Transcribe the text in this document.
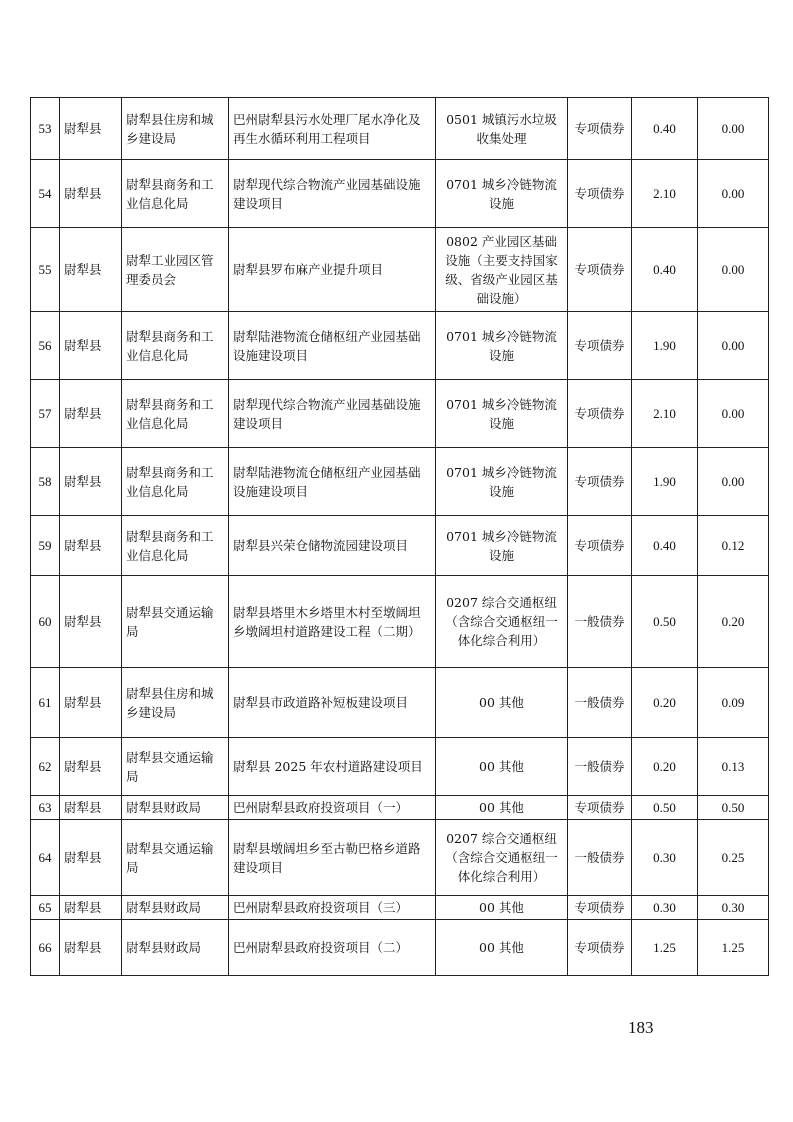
53	尉犁县	尉犁县住房和城乡建设局	巴州尉犁县污水处理厂尾水净化及再生水循环利用工程项目	0501 城镇污水垃圾收集处理	专项债券	0.40	0.00
54	尉犁县	尉犁县商务和工业信息化局	尉犁现代综合物流产业园基础设施建设项目	0701 城乡冷链物流设施	专项债券	2.10	0.00
55	尉犁县	尉犁工业园区管理委员会	尉犁县罗布麻产业提升项目	0802 产业园区基础设施（主要支持国家级、省级产业园区基础设施）	专项债券	0.40	0.00
56	尉犁县	尉犁县商务和工业信息化局	尉犁陆港物流仓储枢纽产业园基础设施建设项目	0701 城乡冷链物流设施	专项债券	1.90	0.00
57	尉犁县	尉犁县商务和工业信息化局	尉犁现代综合物流产业园基础设施建设项目	0701 城乡冷链物流设施	专项债券	2.10	0.00
58	尉犁县	尉犁县商务和工业信息化局	尉犁陆港物流仓储枢纽产业园基础设施建设项目	0701 城乡冷链物流设施	专项债券	1.90	0.00
59	尉犁县	尉犁县商务和工业信息化局	尉犁县兴荣仓储物流园建设项目	0701 城乡冷链物流设施	专项债券	0.40	0.12
60	尉犁县	尉犁县交通运输局	尉犁县塔里木乡塔里木村至墩阔坦乡墩阔坦村道路建设工程（二期）	0207 综合交通枢纽（含综合交通枢纽一体化综合利用）	一般债券	0.50	0.20
61	尉犁县	尉犁县住房和城乡建设局	尉犁县市政道路补短板建设项目	00 其他	一般债券	0.20	0.09
62	尉犁县	尉犁县交通运输局	尉犁县 2025 年农村道路建设项目	00 其他	一般债券	0.20	0.13
63	尉犁县	尉犁县财政局	巴州尉犁县政府投资项目（一）	00 其他	专项债券	0.50	0.50
64	尉犁县	尉犁县交通运输局	尉犁县墩阔坦乡至古勒巴格乡道路建设项目	0207 综合交通枢纽（含综合交通枢纽一体化综合利用）	一般债券	0.30	0.25
65	尉犁县	尉犁县财政局	巴州尉犁县政府投资项目（三）	00 其他	专项债券	0.30	0.30
66	尉犁县	尉犁县财政局	巴州尉犁县政府投资项目（二）	00 其他	专项债券	1.25	1.25
183
